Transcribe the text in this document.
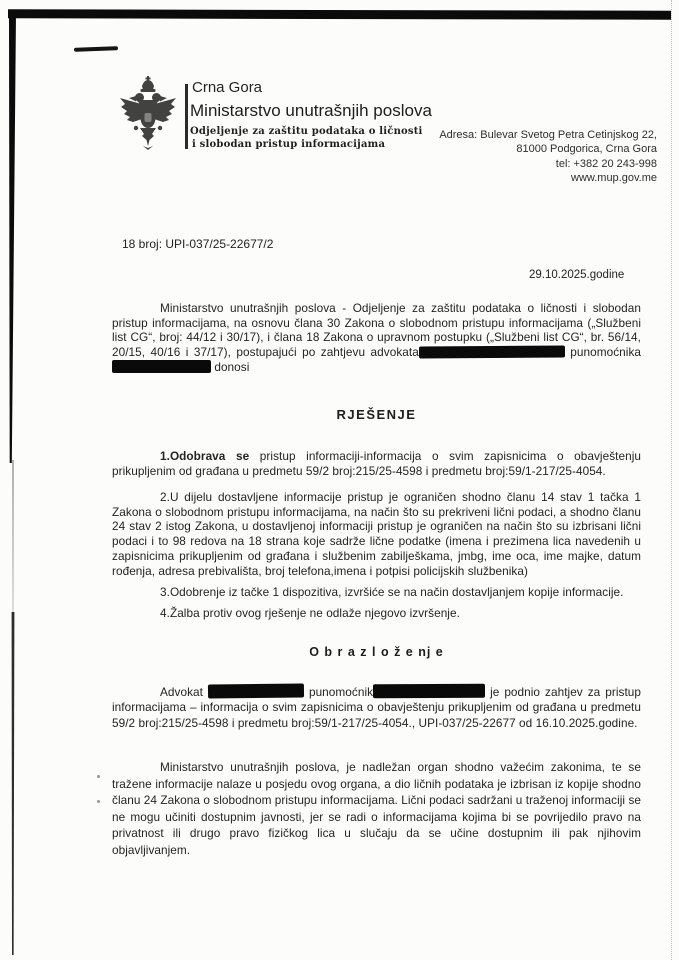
Crna Gora
Ministarstvo unutrašnjih poslova
Odjeljenje za zaštitu podataka o ličnosti
i slobodan pristup informacijama
Adresa: Bulevar Svetog Petra Cetinjskog 22,
81000 Podgorica, Crna Gora
tel: +382 20 243-998
www.mup.gov.me
18 broj: UPI-037/25-22677/2
29.10.2025.godine
Ministarstvo unutrašnjih poslova - Odjeljenje za zaštitu podataka o ličnosti i slobodan pristup informacijama, na osnovu člana 30 Zakona o slobodnom pristupu informacijama („Službeni list CG“, broj: 44/12 i 30/17), i člana 18 Zakona o upravnom postupku („Službeni list CG“, br. 56/14, 20/15, 40/16 i 37/17), postupajući po zahtjevu advokata	punomoćnika donosi
RJEŠENJE
1.Odobrava se pristup informaciji-informacija o svim zapisnicima o obavještenju prikupljenim od građana u predmetu 59/2 broj:215/25-4598 i predmetu broj:59/1-217/25-4054.
2.U dijelu dostavljene informacije pristup je ograničen shodno članu 14 stav 1 tačka 1 Zakona o slobodnom pristupu informacijama, na način što su prekriveni lični podaci, a shodno članu 24 stav 2 istog Zakona, u dostavljenoj informaciji pristup je ograničen na način što su izbrisani lični podaci i to 98 redova na 18 strana koje sadrže lične podatke (imena i prezimena lica navedenih u zapisnicima prikupljenim od građana i službenim zabilješkama, jmbg, ime oca, ime majke, datum rođenja, adresa prebivališta, broj telefona,imena i potpisi policijskih službenika)
3.Odobrenje iz tačke 1 dispozitiva, izvršiće se na način dostavljanjem kopije informacije.
4.Žalba protiv ovog rješenje ne odlaže njegovo izvršenje.
O b r a z l o ž e nj e
Advokat	punomoćnik	je podnio zahtjev za pristup informacijama – informacija o svim zapisnicima o obavještenju prikupljenim od građana u predmetu 59/2 broj:215/25-4598 i predmetu broj:59/1-217/25-4054., UPI-037/25-22677 od 16.10.2025.godine.
Ministarstvo unutrašnjih poslova, je nadležan organ shodno važećim zakonima, te se tražene informacije nalaze u posjedu ovog organa, a dio ličnih podataka je izbrisan iz kopije shodno članu 24 Zakona o slobodnom pristupu informacijama. Lični podaci sadržani u traženoj informaciji se ne mogu učiniti dostupnim javnosti, jer se radi o informacijama kojima bi se povrijedilo pravo na privatnost ili drugo pravo fizičkog lica u slučaju da se učine dostupnim ili pak njihovim objavljivanjem.
